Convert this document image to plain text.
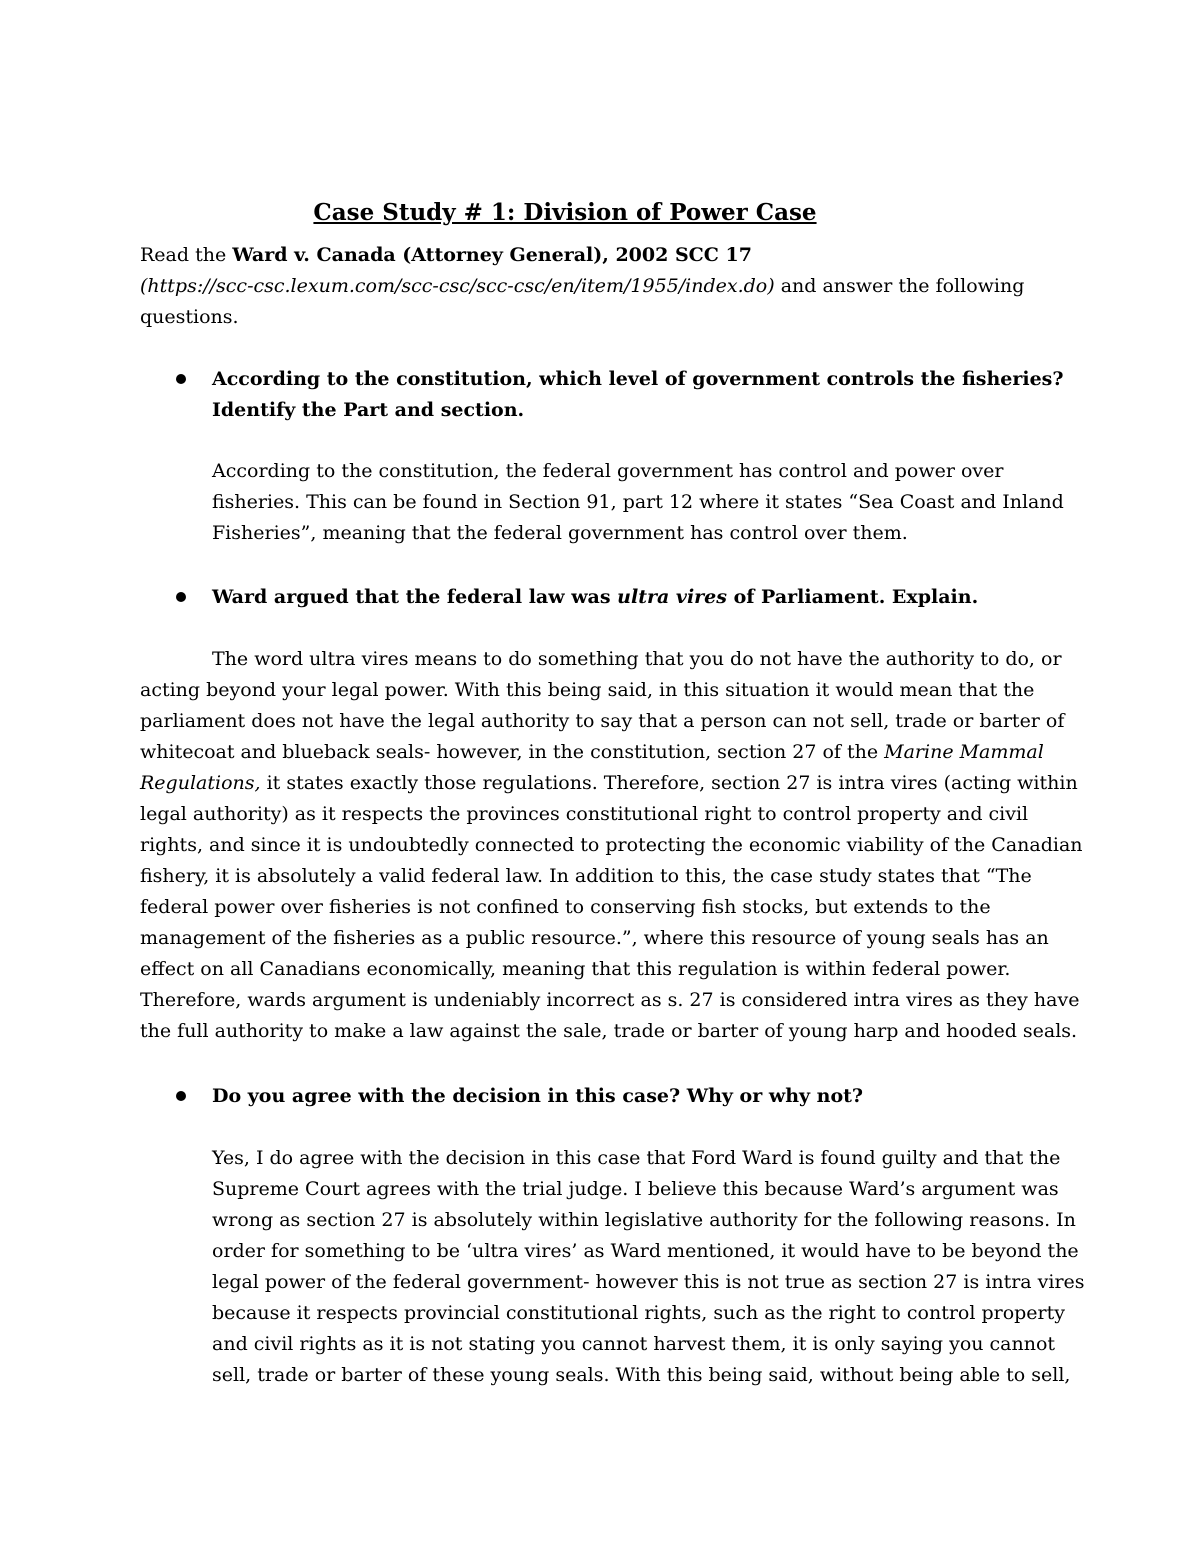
Case Study # 1: Division of Power Case
Read the Ward v. Canada (Attorney General), 2002 SCC 17
(https://scc-csc.lexum.com/scc-csc/scc-csc/en/item/1955/index.do) and answer the following
questions.
According to the constitution, which level of government controls the fisheries?
Identify the Part and section.
According to the constitution, the federal government has control and power over
fisheries. This can be found in Section 91, part 12 where it states “Sea Coast and Inland
Fisheries”, meaning that the federal government has control over them.
Ward argued that the federal law was ultra vires of Parliament. Explain.
The word ultra vires means to do something that you do not have the authority to do, or
acting beyond your legal power. With this being said, in this situation it would mean that the
parliament does not have the legal authority to say that a person can not sell, trade or barter of
whitecoat and blueback seals- however, in the constitution, section 27 of the Marine Mammal
Regulations, it states exactly those regulations. Therefore, section 27 is intra vires (acting within
legal authority) as it respects the provinces constitutional right to control property and civil
rights, and since it is undoubtedly connected to protecting the economic viability of the Canadian
fishery, it is absolutely a valid federal law. In addition to this, the case study states that “The
federal power over fisheries is not confined to conserving fish stocks, but extends to the
management of the fisheries as a public resource.”, where this resource of young seals has an
effect on all Canadians economically, meaning that this regulation is within federal power.
Therefore, wards argument is undeniably incorrect as s. 27 is considered intra vires as they have
the full authority to make a law against the sale, trade or barter of young harp and hooded seals.
Do you agree with the decision in this case? Why or why not?
Yes, I do agree with the decision in this case that Ford Ward is found guilty and that the
Supreme Court agrees with the trial judge. I believe this because Ward’s argument was
wrong as section 27 is absolutely within legislative authority for the following reasons. In
order for something to be ‘ultra vires’ as Ward mentioned, it would have to be beyond the
legal power of the federal government- however this is not true as section 27 is intra vires
because it respects provincial constitutional rights, such as the right to control property
and civil rights as it is not stating you cannot harvest them, it is only saying you cannot
sell, trade or barter of these young seals. With this being said, without being able to sell,
